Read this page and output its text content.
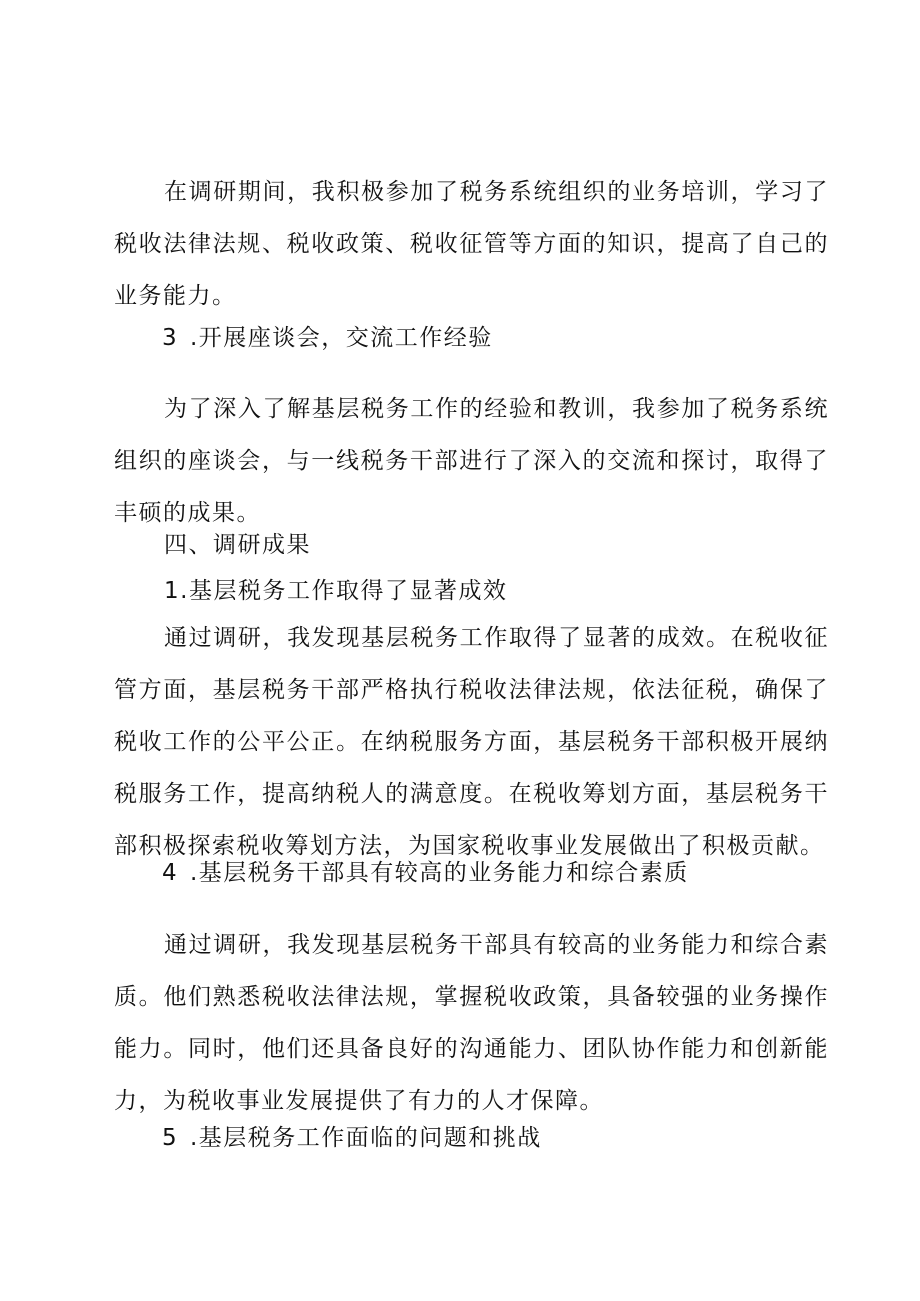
在调研期间，我积极参加了税务系统组织的业务培训，学习了税收法律法规、税收政策、税收征管等方面的知识，提高了自己的业务能力。
3 .开展座谈会，交流工作经验
为了深入了解基层税务工作的经验和教训，我参加了税务系统组织的座谈会，与一线税务干部进行了深入的交流和探讨，取得了丰硕的成果。
四、调研成果
1.基层税务工作取得了显著成效
通过调研，我发现基层税务工作取得了显著的成效。在税收征管方面，基层税务干部严格执行税收法律法规，依法征税，确保了税收工作的公平公正。在纳税服务方面，基层税务干部积极开展纳税服务工作，提高纳税人的满意度。在税收筹划方面，基层税务干部积极探索税收筹划方法，为国家税收事业发展做出了积极贡献。
4 .基层税务干部具有较高的业务能力和综合素质
通过调研，我发现基层税务干部具有较高的业务能力和综合素质。他们熟悉税收法律法规，掌握税收政策，具备较强的业务操作能力。同时，他们还具备良好的沟通能力、团队协作能力和创新能力，为税收事业发展提供了有力的人才保障。
5 .基层税务工作面临的问题和挑战
